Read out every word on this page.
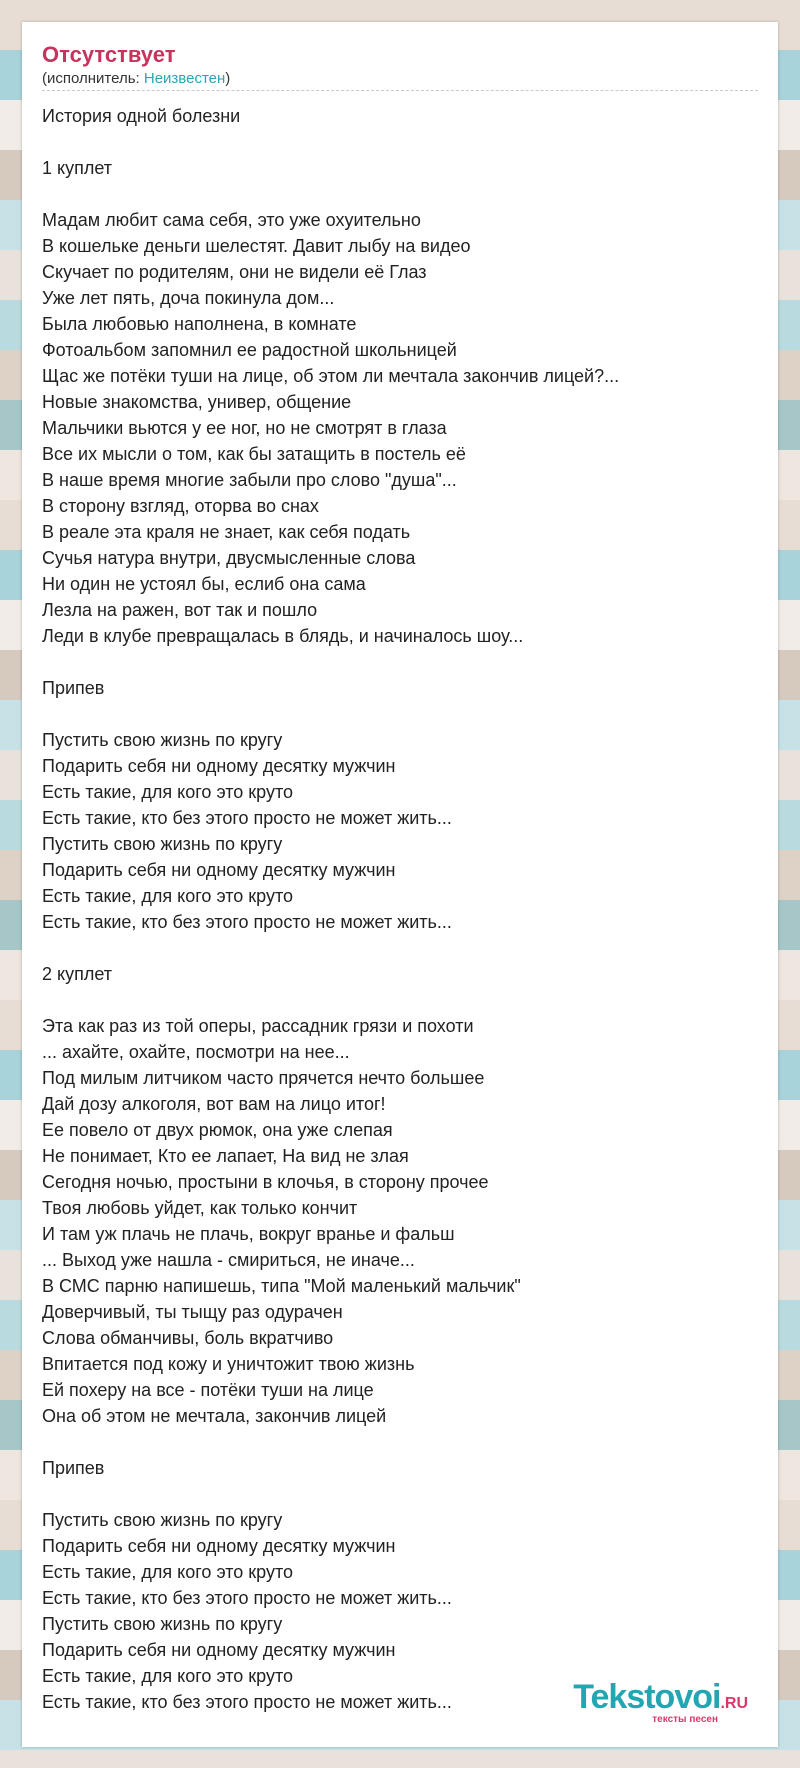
Отсутствует
(исполнитель: Неизвестен)
История одной болезни
1 куплет
Мадам любит сама себя, это уже охуительно
В кошельке деньги шелестят. Давит лыбу на видео
Скучает по родителям, они не видели её Глаз
Уже лет пять, доча покинула дом...
Была любовью наполнена, в комнате
Фотоальбом запомнил ее радостной школьницей
Щас же потёки туши на лице, об этом ли мечтала закончив лицей?...
Новые знакомства, универ, общение
Мальчики вьются у ее ног, но не смотрят в глаза
Все их мысли о том, как бы затащить в постель её
В наше время многие забыли про слово "душа"...
В сторону взгляд, оторва во снах
В реале эта краля не знает, как себя подать
Сучья натура внутри, двусмысленные слова
Ни один не устоял бы, еслиб она сама
Лезла на ражен, вот так и пошло
Леди в клубе превращалась в блядь, и начиналось шоу...
Припев
Пустить свою жизнь по кругу
Подарить себя ни одному десятку мужчин
Есть такие, для кого это круто
Есть такие, кто без этого просто не может жить...
Пустить свою жизнь по кругу
Подарить себя ни одному десятку мужчин
Есть такие, для кого это круто
Есть такие, кто без этого просто не может жить...
2 куплет
Эта как раз из той оперы, рассадник грязи и похоти
... ахайте, охайте, посмотри на нее...
Под милым литчиком часто прячется нечто большее
Дай дозу алкоголя, вот вам на лицо итог!
Ее повело от двух рюмок, она уже слепая
Не понимает, Кто ее лапает, На вид не злая
Сегодня ночью, простыни в клочья, в сторону прочее
Твоя любовь уйдет, как только кончит
И там уж плачь не плачь, вокруг вранье и фальш
... Выход уже нашла - смириться, не иначе...
В СМС парню напишешь, типа "Мой маленький мальчик"
Доверчивый, ты тыщу раз одурачен
Слова обманчивы, боль вкратчиво
Впитается под кожу и уничтожит твою жизнь
Ей похеру на все - потёки туши на лице
Она об этом не мечтала, закончив лицей
Припев
Пустить свою жизнь по кругу
Подарить себя ни одному десятку мужчин
Есть такие, для кого это круто
Есть такие, кто без этого просто не может жить...
Пустить свою жизнь по кругу
Подарить себя ни одному десятку мужчин
Есть такие, для кого это круто
Есть такие, кто без этого просто не может жить...	Tekstovoi.RU
тексты песен
